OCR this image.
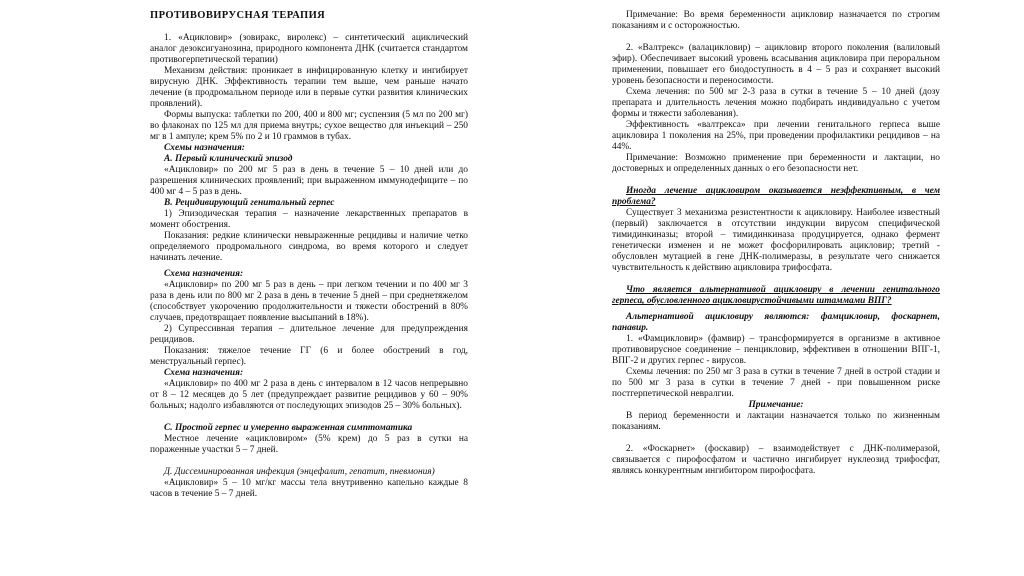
ПРОТИВОВИРУСНАЯ ТЕРАПИЯ

1. «Ацикловир» (зовиракс, виролекс) – синтетический ациклический аналог дезоксигуанозина, природного компонента ДНК (считается стандартом противогерпетической терапии)

Механизм действия: проникает в инфицированную клетку и ингибирует вирусную ДНК. Эффективность терапии тем выше, чем раньше начато лечение (в продромальном периоде или в первые сутки развития клинических проявлений).

Формы выпуска: таблетки по 200, 400 и 800 мг; суспензия (5 мл по 200 мг) во флаконах по 125 мл для приема внутрь; сухое вещество для инъекций – 250 мг в 1 ампуле; крем 5% по 2 и 10 граммов в тубах.

Схемы назначения:

А. Первый клинический эпизод

«Ацикловир» по 200 мг 5 раз в день в течение 5 – 10 дней или до разрешения клинических проявлений; при выраженном иммунодефиците – по 400 мг 4 – 5 раз в день.

В. Рецидивирующий генитальный герпес

1) Эпизодическая терапия – назначение лекарственных препаратов в момент обострения.

Показания: редкие клинически невыраженные рецидивы и наличие четко определяемого продромального синдрома, во время которого и следует начинать лечение.

Схема назначения:

«Ацикловир» по 200 мг 5 раз в день – при легком течении и по 400 мг 3 раза в день или по 800 мг 2 раза в день в течение 5 дней – при среднетяжелом (способствует укорочению продолжительности и тяжести обострений в 80% случаев, предотвращает появление высыпаний в 18%).

2) Супрессивная терапия – длительное лечение для предупреждения рецидивов.

Показания: тяжелое течение ГГ (6 и более обострений в год, менструальный герпес).

Схема назначения:

«Ацикловир» по 400 мг 2 раза в день с интервалом в 12 часов непрерывно от 8 – 12 месяцев до 5 лет (предупреждает развитие рецидивов у 60 – 90% больных; надолго избавляются от последующих эпизодов 25 – 30% больных).

С. Простой герпес и умеренно выраженная симптоматика

Местное лечение «ацикловиром» (5% крем) до 5 раз в сутки на пораженные участки 5 – 7 дней.

Д. Диссеминированная инфекция (энцефалит, гепатит, пневмония)

«Ацикловир» 5 – 10 мг/кг массы тела внутривенно капельно каждые 8 часов в течение 5 – 7 дней.

Примечание: Во время беременности ацикловир назначается по строгим показаниям и с осторожностью.

2. «Валтрекс» (валацикловир) – ацикловир второго поколения (валиловый эфир). Обеспечивает высокий уровень всасывания ацикловира при пероральном применении, повышает его биодоступность в 4 – 5 раз и сохраняет высокий уровень безопасности и переносимости.

Схема лечения: по 500 мг 2-3 раза в сутки в течение 5 – 10 дней (дозу препарата и длительность лечения можно подбирать индивидуально с учетом формы и тяжести заболевания).

Эффективность «валтрекса» при лечении генитального герпеса выше ацикловира 1 поколения на 25%, при проведении профилактики рецидивов – на 44%.

Примечание: Возможно применение при беременности и лактации, но достоверных и определенных данных о его безопасности нет.

Иногда лечение ацикловиром оказывается неэффективным, в чем проблема?

Существует 3 механизма резистентности к ацикловиру. Наиболее известный (первый) заключается в отсутствии индукции вирусом специфической тимидинкиназы; второй – тимидинкиназа продуцируется, однако фермент генетически изменен и не может фосфорилировать ацикловир; третий - обусловлен мутацией в гене ДНК-полимеразы, в результате чего снижается чувствительность к действию ацикловира трифосфата.

Что является альтернативой ацикловиру в лечении генитального герпеса, обусловленного ацикловирустойчивыми штаммами ВПГ?

Альтернативой ацикловиру являются: фамцикловир, фоскарнет, панавир.

1. «Фамцикловир» (фамвир) – трансформируется в организме в активное противовирусное соединение – пенцикловир, эффективен в отношении ВПГ-1, ВПГ-2 и других герпес - вирусов.

Схемы лечения: по 250 мг 3 раза в сутки в течение 7 дней в острой стадии и по 500 мг 3 раза в сутки в течение 7 дней - при повышенном риске постгерпетической невралгии.

Примечание:

В период беременности и лактации назначается только по жизненным показаниям.

2. «Фоскарнет» (фоскавир) – взаимодействует с ДНК-полимеразой, связывается с пирофосфатом и частично ингибирует нуклеозид трифосфат, являясь конкурентным ингибитором пирофосфата.
